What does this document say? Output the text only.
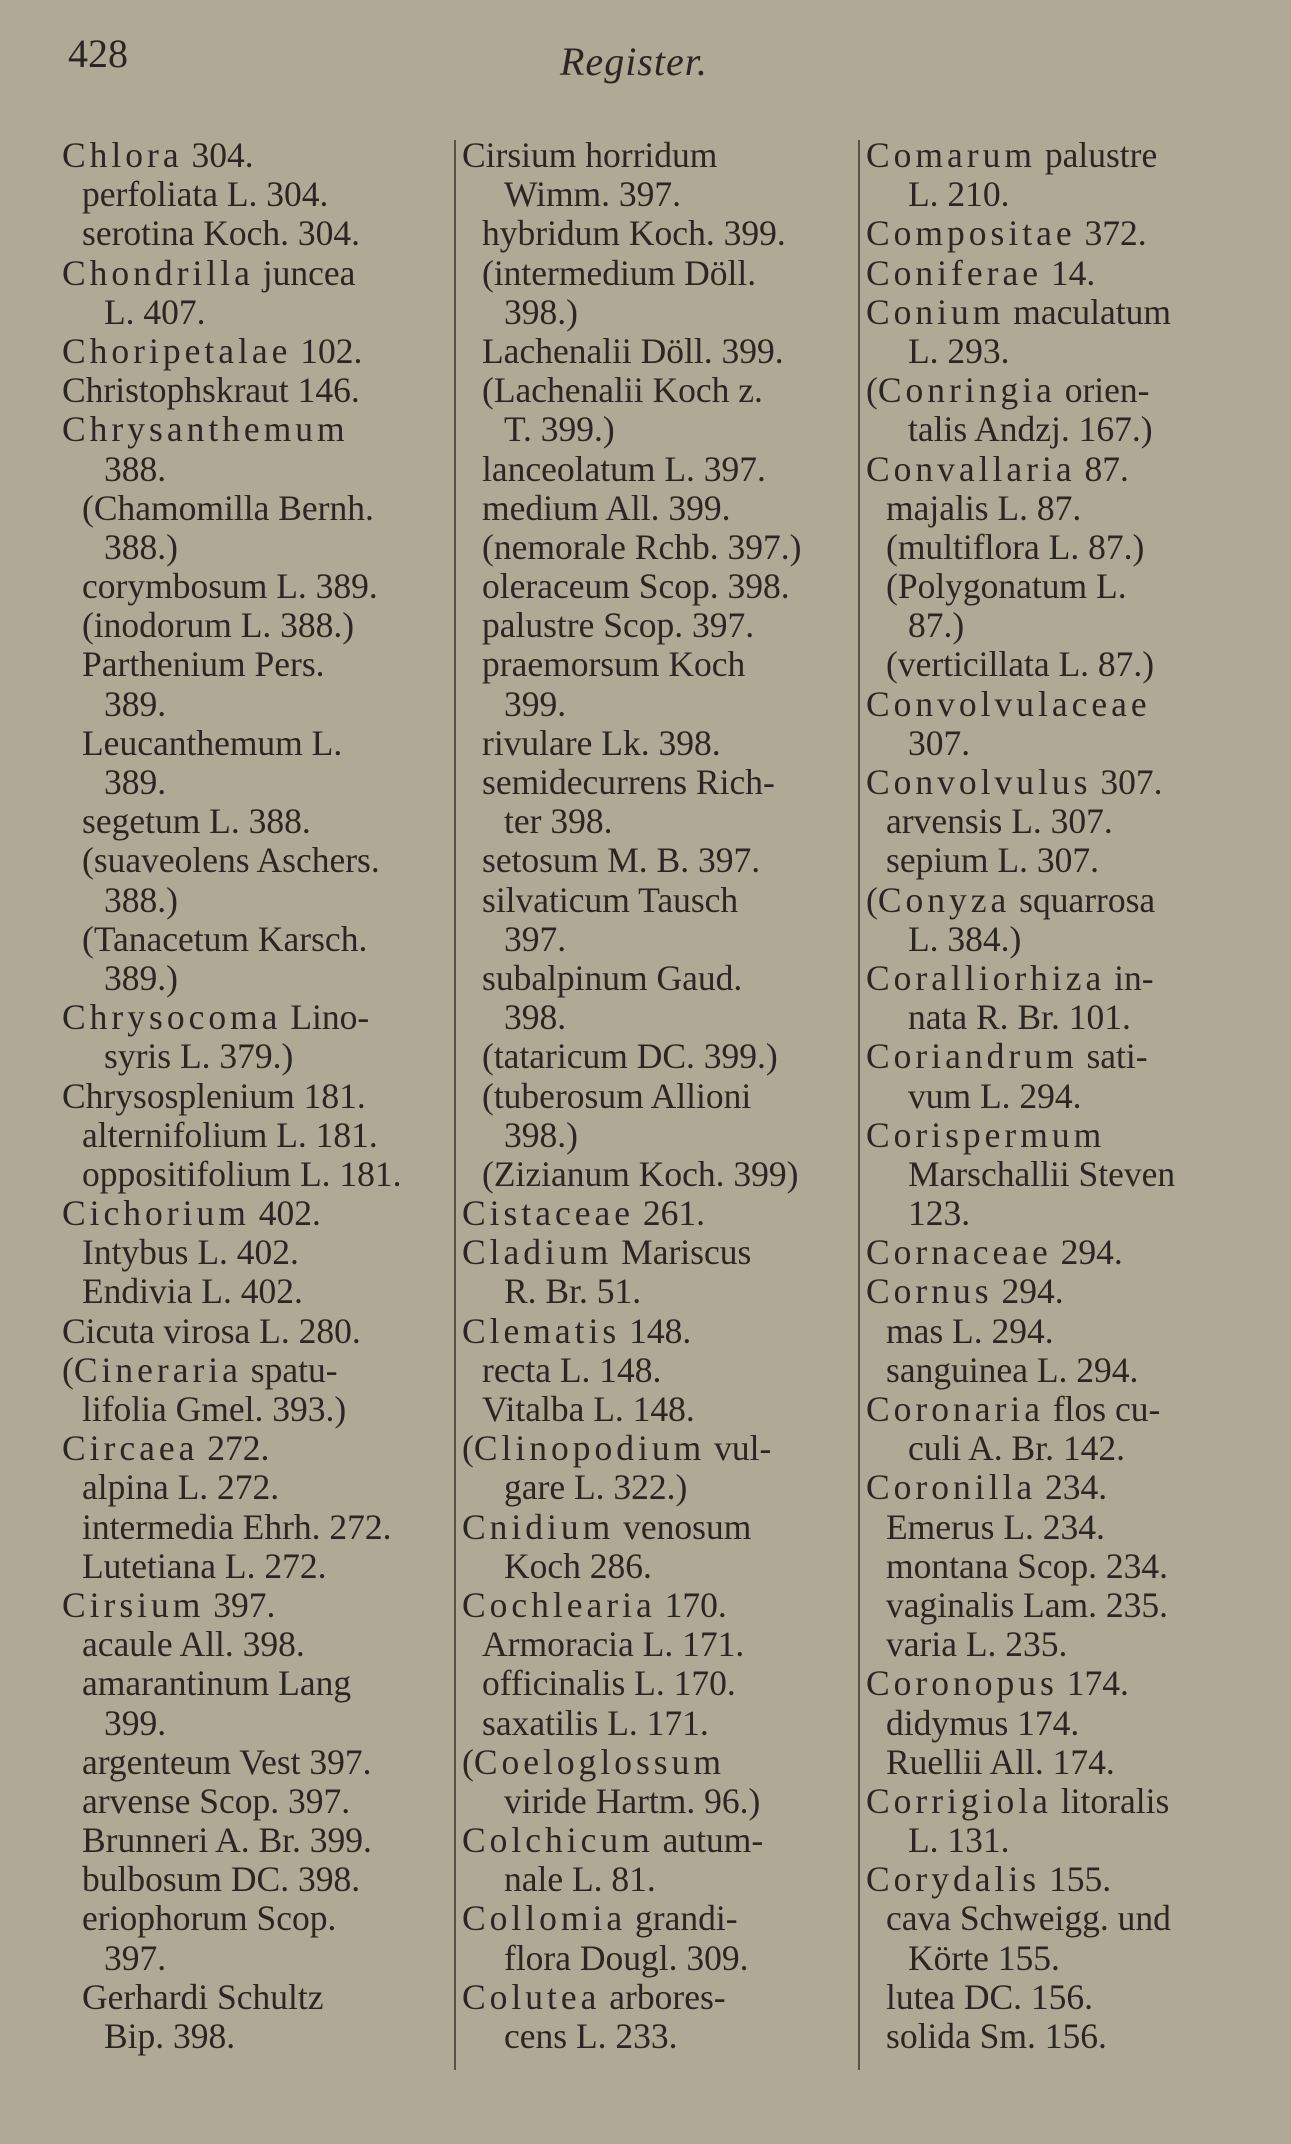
428	Register.
Chlora 304.
perfoliata L. 304.
serotina Koch. 304.
Chondrilla juncea
L. 407.
Choripetalae 102.
Christophskraut 146.
Chrysanthemum
388.
(Chamomilla Bernh.
388.)
corymbosum L. 389.
(inodorum L. 388.)
Parthenium Pers.
389.
Leucanthemum L.
389.
segetum L. 388.
(suaveolens Aschers.
388.)
(Tanacetum Karsch.
389.)
Chrysocoma Lino-
syris L. 379.)
Chrysosplenium 181.
alternifolium L. 181.
oppositifolium L. 181.
Cichorium 402.
Intybus L. 402.
Endivia L. 402.
Cicuta virosa L. 280.
(Cineraria spatu-
lifolia Gmel. 393.)
Circaea 272.
alpina L. 272.
intermedia Ehrh. 272.
Lutetiana L. 272.
Cirsium 397.
acaule All. 398.
amarantinum Lang
399.
argenteum Vest 397.
arvense Scop. 397.
Brunneri A. Br. 399.
bulbosum DC. 398.
eriophorum Scop.
397.
Gerhardi Schultz
Bip. 398.
Cirsium horridum
Wimm. 397.
hybridum Koch. 399.
(intermedium Döll.
398.)
Lachenalii Döll. 399.
(Lachenalii Koch z.
T. 399.)
lanceolatum L. 397.
medium All. 399.
(nemorale Rchb. 397.)
oleraceum Scop. 398.
palustre Scop. 397.
praemorsum Koch
399.
rivulare Lk. 398.
semidecurrens Rich-
ter 398.
setosum M. B. 397.
silvaticum Tausch
397.
subalpinum Gaud.
398.
(tataricum DC. 399.)
(tuberosum Allioni
398.)
(Zizianum Koch. 399)
Cistaceae 261.
Cladium Mariscus
R. Br. 51.
Clematis 148.
recta L. 148.
Vitalba L. 148.
(Clinopodium vul-
gare L. 322.)
Cnidium venosum
Koch 286.
Cochlearia 170.
Armoracia L. 171.
officinalis L. 170.
saxatilis L. 171.
(Coeloglossum
viride Hartm. 96.)
Colchicum autum-
nale L. 81.
Collomia grandi-
flora Dougl. 309.
Colutea arbores-
cens L. 233.
Comarum palustre
L. 210.
Compositae 372.
Coniferae 14.
Conium maculatum
L. 293.
(Conringia orien-
talis Andzj. 167.)
Convallaria 87.
majalis L. 87.
(multiflora L. 87.)
(Polygonatum L.
87.)
(verticillata L. 87.)
Convolvulaceae
307.
Convolvulus 307.
arvensis L. 307.
sepium L. 307.
(Conyza squarrosa
L. 384.)
Coralliorhiza in-
nata R. Br. 101.
Coriandrum sati-
vum L. 294.
Corispermum
Marschallii Steven
123.
Cornaceae 294.
Cornus 294.
mas L. 294.
sanguinea L. 294.
Coronaria flos cu-
culi A. Br. 142.
Coronilla 234.
Emerus L. 234.
montana Scop. 234.
vaginalis Lam. 235.
varia L. 235.
Coronopus 174.
didymus 174.
Ruellii All. 174.
Corrigiola litoralis
L. 131.
Corydalis 155.
cava Schweigg. und
Körte 155.
lutea DC. 156.
solida Sm. 156.
